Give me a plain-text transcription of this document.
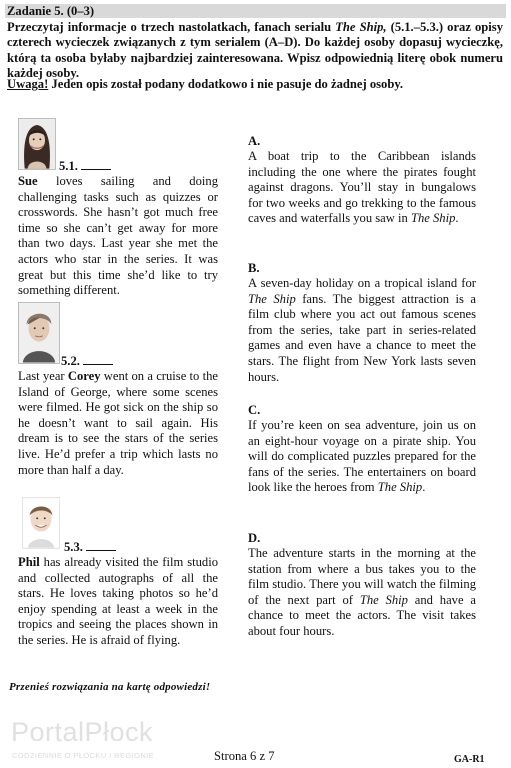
Zadanie 5. (0–3)
Przeczytaj informacje o trzech nastolatkach, fanach serialu The Ship, (5.1.–5.3.) oraz opisy czterech wycieczek związanych z tym serialem (A–D). Do każdej osoby dopasuj wycieczkę, którą ta osoba byłaby najbardziej zainteresowana. Wpisz odpowiednią literę obok numeru każdej osoby.
Uwaga! Jeden opis został podany dodatkowo i nie pasuje do żadnej osoby.
5.1.
Sue loves sailing and doing challenging tasks such as quizzes or crosswords. She hasn’t got much free time so she can’t get away for more than two days. Last year she met the actors who star in the series. It was great but this time she’d like to try something different.
5.2.
Last year Corey went on a cruise to the Island of George, where some scenes were filmed. He got sick on the ship so he doesn’t want to sail again. His dream is to see the stars of the series live. He’d prefer a trip which lasts no more than half a day.
5.3.
Phil has already visited the film studio and collected autographs of all the stars. He loves taking photos so he’d enjoy spending at least a week in the tropics and seeing the places shown in the series. He is afraid of flying.
A.
A boat trip to the Caribbean islands including the one where the pirates fought against dragons. You’ll stay in bungalows for two weeks and go trekking to the famous caves and waterfalls you saw in The Ship.
B.
A seven-day holiday on a tropical island for The Ship fans. The biggest attraction is a film club where you act out famous scenes from the series, take part in series-related games and even have a chance to meet the stars. The flight from New York lasts seven hours.
C.
If you’re keen on sea adventure, join us on an eight-hour voyage on a pirate ship. You will do complicated puzzles prepared for the fans of the series. The entertainers on board look like the heroes from The Ship.
D.
The adventure starts in the morning at the station from where a bus takes you to the film studio. There you will watch the filming of the next part of The Ship and have a chance to meet the actors. The visit takes about four hours.
Przenieś rozwiązania na kartę odpowiedzi!
PortalPłock
CODZIENNIE O PŁOCKU I REGIONIE	Strona 6 z 7	GA-R1
